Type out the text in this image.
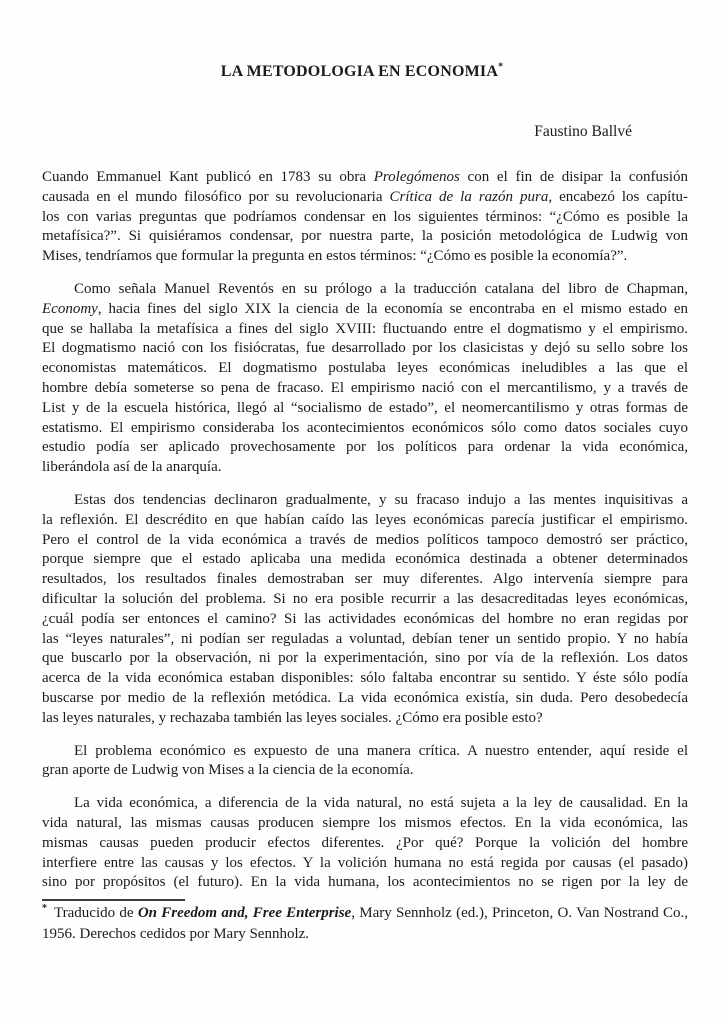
LA METODOLOGIA EN ECONOMIA*
Faustino Ballvé

Cuando Emmanuel Kant publicó en 1783 su obra Prolegómenos con el fin de disipar la confusión
causada en el mundo filosófico por su revolucionaria Crítica de la razón pura, encabezó los capítu-
los con varias preguntas que podríamos condensar en los siguientes términos: “¿Cómo es posible la
metafísica?”. Si quisiéramos condensar, por nuestra parte, la posición metodológica de Ludwig von
Mises, tendríamos que formular la pregunta en estos términos: “¿Cómo es posible la economía?”.

Como señala Manuel Reventós en su prólogo a la traducción catalana del libro de Chapman,
Economy, hacia fines del siglo XIX la ciencia de la economía se encontraba en el mismo estado en
que se hallaba la metafísica a fines del siglo XVIII: fluctuando entre el dogmatismo y el empirismo.
El dogmatismo nació con los fisiócratas, fue desarrollado por los clasicistas y dejó su sello sobre los
economistas matemáticos. El dogmatismo postulaba leyes económicas ineludibles a las que el
hombre debía someterse so pena de fracaso. El empirismo nació con el mercantilismo, y a través de
List y de la escuela histórica, llegó al “socialismo de estado”, el neomercantilismo y otras formas de
estatismo. El empirismo consideraba los acontecimientos económicos sólo como datos sociales cuyo
estudio podía ser aplicado provechosamente por los políticos para ordenar la vida económica,
liberándola así de la anarquía.

Estas dos tendencias declinaron gradualmente, y su fracaso indujo a las mentes inquisitivas a
la reflexión. El descrédito en que habían caído las leyes económicas parecía justificar el empirismo.
Pero el control de la vida económica a través de medios políticos tampoco demostró ser práctico,
porque siempre que el estado aplicaba una medida económica destinada a obtener determinados
resultados, los resultados finales demostraban ser muy diferentes. Algo intervenía siempre para
dificultar la solución del problema. Si no era posible recurrir a las desacreditadas leyes económicas,
¿cuál podía ser entonces el camino? Si las actividades económicas del hombre no eran regidas por
las “leyes naturales”, ni podían ser reguladas a voluntad, debían tener un sentido propio. Y no había
que buscarlo por la observación, ni por la experimentación, sino por vía de la reflexión. Los datos
acerca de la vida económica estaban disponibles: sólo faltaba encontrar su sentido. Y éste sólo podía
buscarse por medio de la reflexión metódica. La vida económica existía, sin duda. Pero desobedecía
las leyes naturales, y rechazaba también las leyes sociales. ¿Cómo era posible esto?

El problema económico es expuesto de una manera crítica. A nuestro entender, aquí reside el
gran aporte de Ludwig von Mises a la ciencia de la economía.

La vida económica, a diferencia de la vida natural, no está sujeta a la ley de causalidad. En la
vida natural, las mismas causas producen siempre los mismos efectos. En la vida económica, las
mismas causas pueden producir efectos diferentes. ¿Por qué? Porque la volición del hombre
interfiere entre las causas y los efectos. Y la volición humana no está regida por causas (el pasado)
sino por propósitos (el futuro). En la vida humana, los acontecimientos no se rigen por la ley de

* Traducido de On Freedom and, Free Enterprise, Mary Sennholz (ed.), Princeton, O. Van Nostrand Co.,
1956. Derechos cedidos por Mary Sennholz.
